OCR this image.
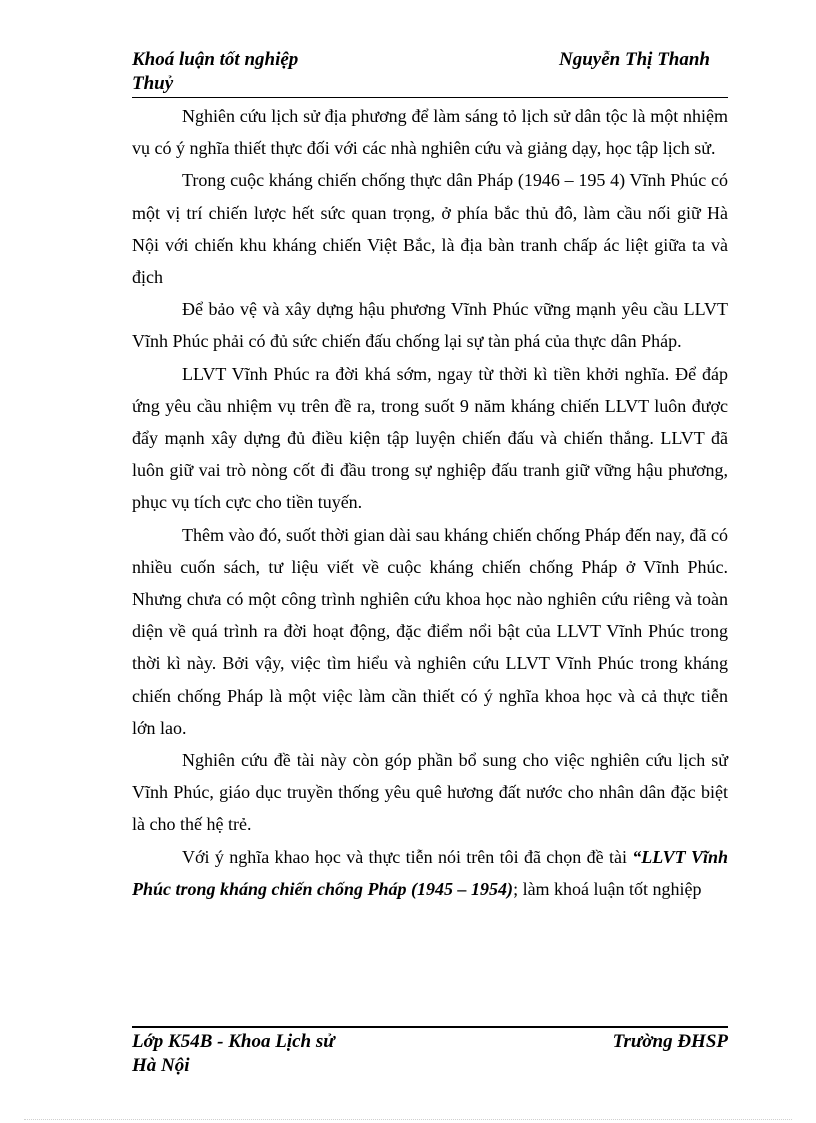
Khoá luận tốt nghiệp	Nguyễn Thị Thanh
Thuỷ

Nghiên cứu lịch sử địa phương để làm sáng tỏ lịch sử dân tộc là một nhiệm vụ có ý nghĩa thiết thực đối với các nhà nghiên cứu và giảng dạy, học tập lịch sử.

Trong cuộc kháng chiến chống thực dân Pháp (1946 – 195 4) Vĩnh Phúc có một vị trí chiến lược hết sức quan trọng, ở phía bắc thủ đô, làm cầu nối giữ Hà Nội với chiến khu kháng chiến Việt Bắc, là địa bàn tranh chấp ác liệt giữa ta và địch

Để bảo vệ và xây dựng hậu phương Vĩnh Phúc vững mạnh yêu cầu LLVT Vĩnh Phúc phải có đủ sức chiến đấu chống lại sự tàn phá của thực dân Pháp.

LLVT Vĩnh Phúc ra đời khá sớm, ngay từ thời kì tiền khởi nghĩa. Để đáp ứng yêu cầu nhiệm vụ trên đề ra, trong suốt 9 năm kháng chiến LLVT luôn được đẩy mạnh xây dựng đủ điều kiện tập luyện chiến đấu và chiến thắng. LLVT đã luôn giữ vai trò nòng cốt đi đầu trong sự nghiệp đấu tranh giữ vững hậu phương, phục vụ tích cực cho tiền tuyến.

Thêm vào đó, suốt thời gian dài sau kháng chiến chống Pháp đến nay, đã có nhiều cuốn sách, tư liệu viết về cuộc kháng chiến chống Pháp ở Vĩnh Phúc. Nhưng chưa có một công trình nghiên cứu khoa học nào nghiên cứu riêng và toàn diện về quá trình ra đời hoạt động, đặc điểm nổi bật của LLVT Vĩnh Phúc trong thời kì này. Bởi vậy, việc tìm hiểu và nghiên cứu LLVT Vĩnh Phúc trong kháng chiến chống Pháp là một việc làm cần thiết có ý nghĩa khoa học và cả thực tiễn lớn lao.

Nghiên cứu đề tài này còn góp phần bổ sung cho việc nghiên cứu lịch sử Vĩnh Phúc, giáo dục truyền thống yêu quê hương đất nước cho nhân dân đặc biệt là cho thế hệ trẻ.

Với ý nghĩa khao học và thực tiễn nói trên tôi đã chọn đề tài “LLVT Vĩnh Phúc trong kháng chiến chống Pháp (1945 – 1954); làm khoá luận tốt nghiệp

Lớp K54B - Khoa Lịch sử	Trường ĐHSP
Hà Nội
